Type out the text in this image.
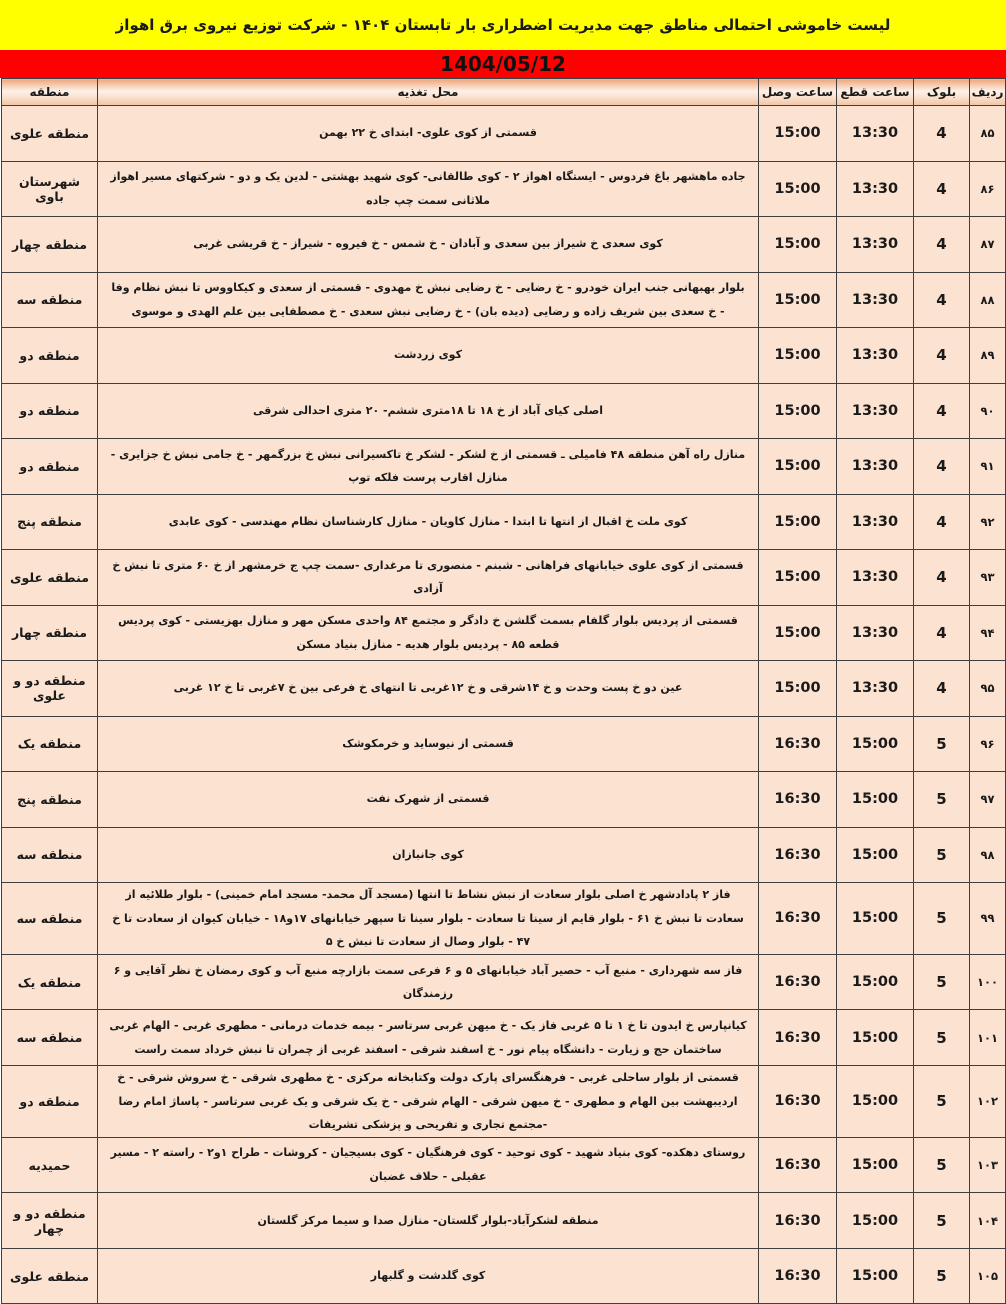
لیست خاموشی احتمالی مناطق جهت مدیریت اضطراری بار تابستان ۱۴۰۴ - شرکت توزیع نیروی برق اهواز
1404/05/12
ردیف	بلوک	ساعت قطع	ساعت وصل	محل تغذیه	منطقه
۸۵	4	13:30	15:00	قسمتی از کوی علوی- ابتدای خ ۲۲ بهمن	منطقه علوی
۸۶	4	13:30	15:00	جاده ماهشهر باغ فردوس - ایستگاه اهواز ۲ - کوی طالقانی- کوی شهید بهشتی - لدین یک و دو - شرکتهای مسیر اهواز ملاثانی سمت چپ جاده	شهرستان باوی
۸۷	4	13:30	15:00	کوی سعدی خ شیراز بین سعدی و آبادان - خ شمس - خ فیروه - شیراز - خ قریشی غربی	منطقه چهار
۸۸	4	13:30	15:00	بلوار بهبهانی جنب ایران خودرو - خ رضایی - خ رضایی نبش خ مهدوی - قسمتی از سعدی و کیکاووس تا نبش نظام وفا - خ سعدی بین شریف زاده و رضایی (دیده بان) - خ رضایی نبش سعدی - خ مصطفایی بین علم الهدی و موسوی	منطقه سه
۸۹	4	13:30	15:00	کوی زردشت	منطقه دو
۹۰	4	13:30	15:00	اصلی کیای آباد از خ ۱۸ تا ۱۸متری ششم- ۲۰ متری احدالی شرقی	منطقه دو
۹۱	4	13:30	15:00	منازل راه آهن منطقه ۴۸ فامیلی ـ قسمتی از خ لشکر - لشکر خ تاکسیرانی نبش خ بزرگمهر - خ جامی نبش خ جزایری - منازل اقارب پرست فلکه توپ	منطقه دو
۹۲	4	13:30	15:00	کوی ملت خ اقبال از انتها تا ابتدا - منازل کاویان - منازل کارشناسان نظام مهندسی - کوی عابدی	منطقه پنج
۹۳	4	13:30	15:00	قسمتی از کوی علوی خیابانهای فراهانی - شبنم - منصوری تا مرغداری -سمت چپ ج خرمشهر از خ ۶۰ متری تا نبش خ آزادی	منطقه علوی
۹۴	4	13:30	15:00	قسمتی از پردیس بلوار گلفام بسمت گلشن خ دادگر و مجتمع ۸۴ واحدی مسکن مهر و منازل بهزیستی - کوی پردیس قطعه ۸۵ - پردیس بلوار هدیه - منازل بنیاد مسکن	منطقه چهار
۹۵	4	13:30	15:00	عین دو خ پست وحدت و خ ۱۴شرقی و خ ۱۲غربی تا انتهای خ فرعی بین خ ۷غربی تا خ ۱۲ غربی	منطقه دو و علوی
۹۶	5	15:00	16:30	قسمتی از نیوساید و خرمکوشک	منطقه یک
۹۷	5	15:00	16:30	قسمتی از شهرک نفت	منطقه پنج
۹۸	5	15:00	16:30	کوی جانبازان	منطقه سه
۹۹	5	15:00	16:30	فاز ۲ پادادشهر خ اصلی بلوار سعادت از نبش نشاط تا انتها (مسجد آل محمد- مسجد امام خمینی) - بلوار طلائیه از سعادت تا نبش خ ۶۱ - بلوار قایم از سینا تا سعادت - بلوار سینا تا سپهر خیابانهای ۱۷و۱۸ - خیابان کیوان از سعادت تا خ ۴۷ - بلوار وصال از سعادت تا نبش خ ۵	منطقه سه
۱۰۰	5	15:00	16:30	فاز سه شهرداری - منبع آب - حصیر آباد خیابانهای ۵ و ۶ فرعی سمت بازارچه منبع آب و کوی رمضان خ نظر آقایی و ۶ رزمندگان	منطقه یک
۱۰۱	5	15:00	16:30	کیانپارس خ ایدون تا خ ۱ تا ۵ غربی فاز یک - خ میهن غربی سرتاسر - بیمه خدمات درمانی - مطهری غربی - الهام غربی ساختمان حج و زیارت - دانشگاه پیام نور - خ اسفند شرقی - اسفند غربی از چمران تا نبش خرداد سمت راست	منطقه سه
۱۰۲	5	15:00	16:30	قسمتی از بلوار ساحلی غربی - فرهنگسرای پارک دولت وکتابخانه مرکزی - خ مطهری شرقی - خ سروش شرقی - خ اردیبهشت بین الهام و مطهری - خ میهن شرقی - الهام شرقی - خ یک شرقی و یک غربی سرتاسر - پاساژ امام رضا -مجتمع تجاری و تفریحی و پزشکی تشریفات	منطقه دو
۱۰۳	5	15:00	16:30	روستای دهکده- کوی بنیاد شهید - کوی توحید - کوی فرهنگیان - کوی بسیجیان - کروشات - طراح ۱و۲ - راسته ۲ - مسیر عقیلی - حلاف غضبان	حمیدیه
۱۰۴	5	15:00	16:30	منطقه لشکرآباد-بلوار گلستان- منازل صدا و سیما مرکز گلستان	منطقه دو و چهار
۱۰۵	5	15:00	16:30	کوی گلدشت و گلبهار	منطقه علوی
